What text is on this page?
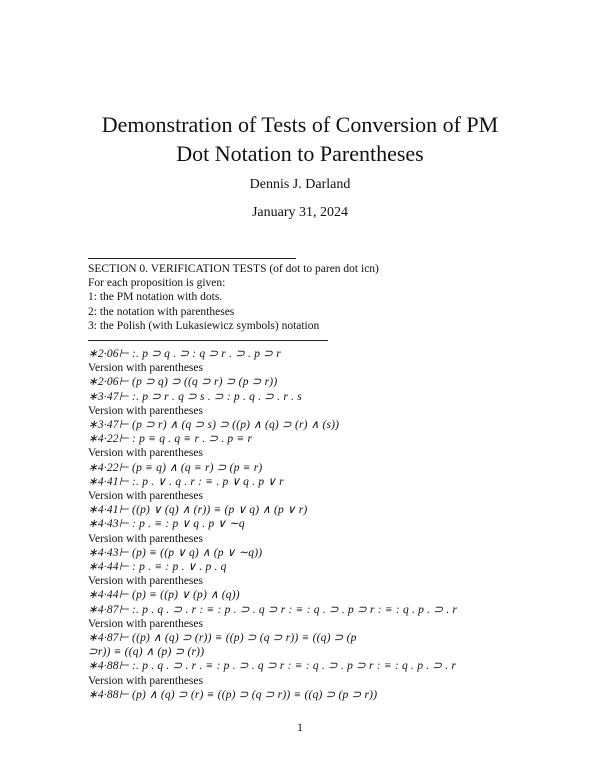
Demonstration of Tests of Conversion of PM Dot Notation to Parentheses
Dennis J. Darland
January 31, 2024
SECTION 0. VERIFICATION TESTS (of dot to paren dot icn)
For each proposition is given:
1: the PM notation with dots.
2: the notation with parentheses
3: the Polish (with Lukasiewicz symbols) notation
∗2·06⊢ :. p ⊃ q . ⊃ : q ⊃ r . ⊃ . p ⊃ r
Version with parentheses
∗2·06⊢ (p ⊃ q) ⊃ ((q ⊃ r) ⊃ (p ⊃ r))
∗3·47⊢ :. p ⊃ r . q ⊃ s . ⊃ : p . q . ⊃ . r . s
Version with parentheses
∗3·47⊢ (p ⊃ r) ∧ (q ⊃ s) ⊃ ((p) ∧ (q) ⊃ (r) ∧ (s))
∗4·22⊢ : p ≡ q . q ≡ r . ⊃ . p ≡ r
Version with parentheses
∗4·22⊢ (p ≡ q) ∧ (q ≡ r) ⊃ (p ≡ r)
∗4·41⊢ :. p . ∨ . q . r : ≡ . p ∨ q . p ∨ r
Version with parentheses
∗4·41⊢ ((p) ∨ (q) ∧ (r)) ≡ (p ∨ q) ∧ (p ∨ r)
∗4·43⊢ : p . ≡ : p ∨ q . p ∨ ∼q
Version with parentheses
∗4·43⊢ (p) ≡ ((p ∨ q) ∧ (p ∨ ∼q))
∗4·44⊢ : p . ≡ : p . ∨ . p . q
Version with parentheses
∗4·44⊢ (p) ≡ ((p) ∨ (p) ∧ (q))
∗4·87⊢ :. p . q . ⊃ . r : ≡ : p . ⊃ . q ⊃ r : ≡ : q . ⊃ . p ⊃ r : ≡ : q . p . ⊃ . r
Version with parentheses
∗4·87⊢ ((p) ∧ (q) ⊃ (r)) ≡ ((p) ⊃ (q ⊃ r)) ≡ ((q) ⊃ (p
⊃r)) ≡ ((q) ∧ (p) ⊃ (r))
∗4·88⊢ :. p . q . ⊃ . r . ≡ : p . ⊃ . q ⊃ r : ≡ : q . ⊃ . p ⊃ r : ≡ : q . p . ⊃ . r
Version with parentheses
∗4·88⊢ (p) ∧ (q) ⊃ (r) ≡ ((p) ⊃ (q ⊃ r)) ≡ ((q) ⊃ (p ⊃ r))
1
